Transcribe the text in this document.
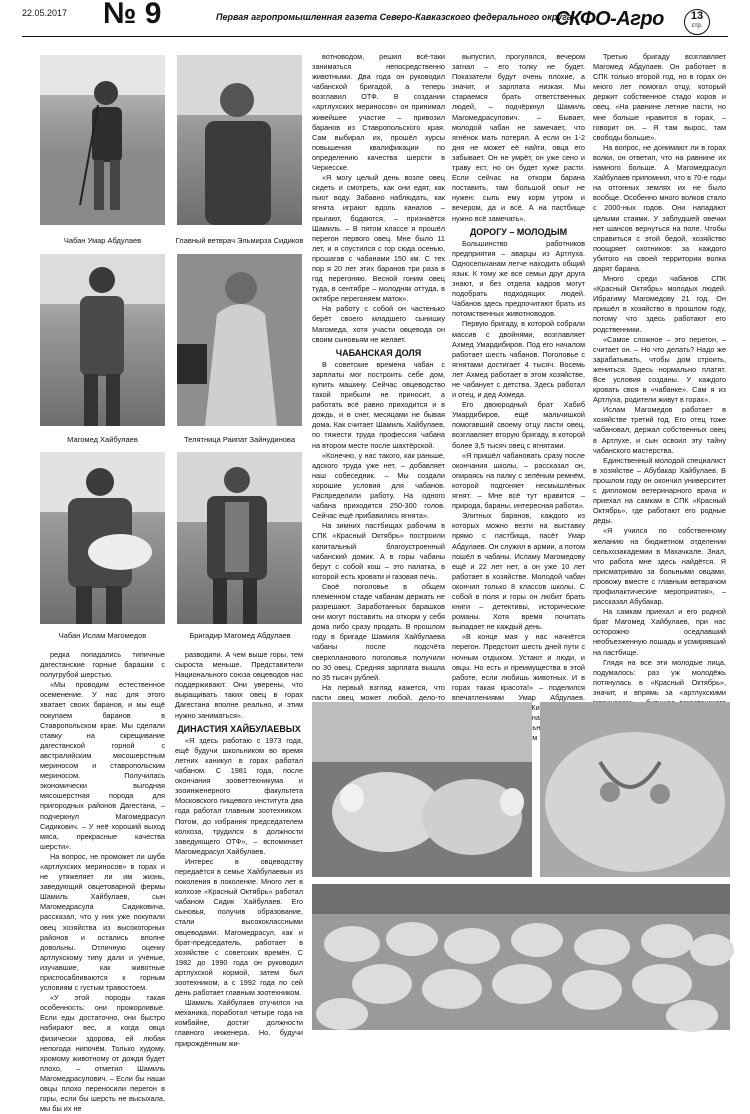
22.05.2017 № 9	Первая агропромышленная газета Северо-Кавказского федерального округа
СКФО-Агро	13
стр.
Чабан Умар Абдулаев	Главный ветврач Эльмирза Сидиков
Магомед Хайбулаев	Телятница Раипат Зайнудинова
Чабан Ислам Магомедов	Бригадир Магомед Абдулаев

вотноводом, решил всё-таки заниматься непосредственно животными. Два года он руководил чабанской бригадой, а теперь возглавил ОТФ. В создании «артлухских мериносов» он принимал живейшее участие – привозил баранов из Ставропольского края. Сам выбирал их, прошёл курсы повышения квалификации по определению качества шерсти в Черкесске.

«Я могу целый день возле овец сидеть и смотреть, как они едят, как пьют воду. Забавно наблюдать, как ягнята играют вдоль каналов – прыгают, бодаются, – признаётся Шамиль. – В пятом классе я прошёл перегон первого овец. Мне было 11 лет, и я спустился с гор сюда осенью, прошагав с чабанами 150 км. С тех пор я 20 лет этих баранов три раза в год перегоняю. Весной гоним овец туда, в сентябре – молодняк оттуда, в октябре перегоняем маток».

На работу с собой он частенько берёт своего младшего сынишку Магомеда, хотя участи овцевода он своим сыновьям не желает.

ЧАБАНСКАЯ ДОЛЯ

В советские времена чабан с зарплаты мог построить себе дом, купить машину. Сейчас овцеводство такой прибыли не приносит, а работать всё равно приходится и в дождь, и в снег, месяцами не бывая дома. Как считает Шамиль Хайбулаев, по тяжести труда профессия чабана на втором месте после шахтёрской.

«Конечно, у нас такого, как раньше, адского труда уже нет, – добавляет наш собеседник. – Мы создали хорошие условия для чабанов. Распределили работу. На одного чабана приходится 250-300 голов. Сейчас ещё прибавились ягнята».

На зимних пастбищах рабочим в СПК «Красный Октябрь» построили капитальный благоустроенный чабанский домик. А в горы чабаны берут с собой кош – это палатка, в которой есть кровати и газовая печь.

Своё поголовье в общем племенном стаде чабанам держать не разрешают. Заработанных барашков они могут поставить на откорм у себя дома либо сразу продать. В прошлом году в бригаде Шамиля Хайбулаева чабаны после подсчёта сверхпланового поголовья получили по 30 овец. Средняя зарплата вышла по 35 тысяч рублей.

На первый взгляд кажется, что пасти овец может любой, дело-то

выпустил, прогулялся, вечером загнал – его толку не будет. Показатели будут очень плохие, а значит, и зарплата низкая. Мы стараемся брать ответственных людей, – подчёркнул Шамиль Магомедрасулович. – Бывает, молодой чабан не замечает, что ягнёнок мать потерял. А если он 1-2 дня не может её найти, овца его забывает. Он не умрёт, он уже сено и траву ест, но он будет хуже расти. Если сейчас на откорм барана поставить, там большой опыт не нужен: сыпь ему корм утром и вечером, да и всё. А на пастбище нужно всё замечать».

ДОРОГУ – МОЛОДЫМ

Большинство работников предприятия – аварцы из Артлуха. Односельчанам легче находить общий язык. К тому же все семьи друг друга знают, и без отдела кадров могут подобрать подходящих людей. Чабанов здесь предпочитают брать из потомственных животноводов.

Первую бригаду, в которой собрали массив с двойнями, возглавляет Ахмед Умардибиров. Под его началом работает шесть чабанов. Поголовье с ягнятами достигает 4 тысяч. Восемь лет Ахмед работает в этом хозяйстве, не чабанует с детства. Здесь работал и отец, и дед Ахмеда.

Его двоюродный брат Хабиб Умардибиров, ещё мальчишкой помогавший своему отцу пасти овец, возглавляет вторую бригаду, в которой более 3,5 тысяч овец с ягнятами.

«Я пришёл чабановать сразу после окончания школы, – рассказал он, опираясь на палку с зелёным ремнём, которой подгоняет несмышлёных ягнят. – Мне всё тут нравится – природа, бараны, интересная работа».

Элитных баранов, каждого из которых можно везти на выставку прямо с пастбища, пасёт Умар Абдулаев. Он служил в армии, а потом пошёл в чабаны. Исламу Магомедову ещё и 22 лет нет, а он уже 10 лет работает в хозяйстве. Молодой чабан окончил только 8 классов школы. С собой в поля и горы он любит брать книги – детективы, исторические романы. Хотя время почитать выпадает не каждый день.

«В конце мая у нас начнётся перегон. Предстоит шесть дней пути с ночным отдыхом. Устают и люди, и овцы. Но есть и преимущества в этой работе, если любишь животных. И в горах такая красота!» – поделился впечатлениями Умар Абдулаев. на

Третью бригаду возглавляет Магомед Абдулаев. Он работает в СПК только второй год, но в горах он много лет помогал отцу, который держит собственное стадо коров и овец. «На равнине летние пасти, но мне больше нравится в горах, – говорит он. – Я там вырос, там свободы больше».

На вопрос, не донимают ли в горах волки, он ответил, что на равнине их намного больше. А Магомедрасул Хайбулаев припомнил, что в 70-е годы на отгонных землях их не было вообще. Особенно много волков стало с 2000-ных годов. Они нападают целыми стаями. У заблудшей овечки нет шансов вернуться на поле. Чтобы справиться с этой бедой, хозяйство поощряет охотников: за каждого убитого на своей территории волка дарят барана.

Много среди чабанов СПК «Красный Октябрь» молодых людей. Ибрагиму Магомедову 21 год. Он пришёл в хозяйство в прошлом году, потому что здесь работают его родственники.

«Самое сложное – это перегон, – считает он. – Но что делать? Надо же зарабатывать, чтобы дом строить, жениться. Здесь нормально платят. Все условия созданы. У каждого кровать своя в «чабанке». Сам я из Артлуха, родители живут в горах».

Ислам Магомедов работает в хозяйстве третий год. Его отец тоже чабановал, держал собственных овец в Артлухе, и сын освоил эту тайну чабанского мастерства.

Единственный молодой специалист в хозяйстве – Абубакар Хайбулаев. В прошлом году он окончил университет с дипломом ветеринарного врача и приехал на самкам в СПК «Красный Октябрь», где работают его родные деды.

«Я учился по собственному желанию на бюджетном отделении сельхозакадемии в Махачкале. Знал, что работа мне здесь найдётся. Я присматриваю за больными овцами, провожу вместе с главным ветврачом профилактические мероприятия», – рассказал Абубакар.

На самкам приехал и его родной брат Магомед Хайбулаев, при нас осторожно оседлавший необъезженную лошадь и усмирявший на пастбище.

Глядя на все эти молодые лица, подумалось: раз уж молодёжь потянулась в «Красный Октябрь», значит, и впрямь за «артлухскими

редка попадались типичные дагестанские горные барашки с полугрубой шерстью.

«Мы проводим естественное осеменение. У нас для этого хватает своих баранов, и мы ещё покупаем баранов в Ставропольском крае. Мы сделали ставку на скрещивание дагестанской горной с австралийским мясошерстным мериносом и ставропольским мериносом. Получилась экономически выгодная мясошерстная порода для пригородных районов Дагестана, – подчеркнул Магомедрасул Сидикович. – У неё хороший выход мяса, прекрасные качества шерсти».

На вопрос, не проможет ли шуба «артлухских мериносов» в горах и не утяжеляет ли им жизнь, заведующий овцетоварной фермы Шамиль Хайбулаев, сын Магомедрасула Сидиковича, рассказал, что у них уже покупали овец хозяйства из высокогорных районов и остались вполне довольны. Отличную оценку артлухскому типу дали и учёные, изучавшие, как животные приспосабливаются к горным условиям с густым травостоем.

«У этой породы такая особенность: они прожорливые. Если еды достаточно, они быстро набирают вес, а когда овца физически здорова, ей любая непогода нипочём. Только худому, хромому животному от дождя будет плохо, – отметил Шамиль Магомедрасулович. – Если бы наши овцы плохо переносили перегон в горы, если бы шерсть не высыхала, мы бы их не

разводили. А чем выше горы, тем сыроста меньше. Представители Национального союза овцеводов нас поддерживают. Они уверены, что выращивать таких овец в горах Дагестана вполне реально, и этим нужно заниматься».

ДИНАСТИЯ ХАЙБУЛАЕВЫХ

«Я здесь работаю с 1973 года, ещё будучи школьником во время летних каникул в горах работал чабаном. С 1981 года, после окончания зооветтехникума и зооинженерного факультета Московского пищевого института два года работал главным зоотехником. Потом, до избрания председателем колхоза, трудился в должности заведующего ОТФ», – вспоминает Магомедрасул Хайбулаев.

Интерес в овцеводству передаётся в семье Хайбулаевых из поколения в поколение. Много лет в колхозе «Красный Октябрь» работал чабаном Сидик Хайбулаев. Его сыновья, получив образование, стали высококлассными овцеводами. Магомедрасул, как и брат-председатель, работает в хозяйстве с советских времён. С 1982 до 1990 года он руководил артлухской кормой, затем был зоотехником, а с 1992 года по сей день работает главным зоотехником.

Шамиль Хайбулаев отучился на механика, поработал четыре года на комбайне, достиг должности главного инженера. Но, будучи прирождённым жи-
